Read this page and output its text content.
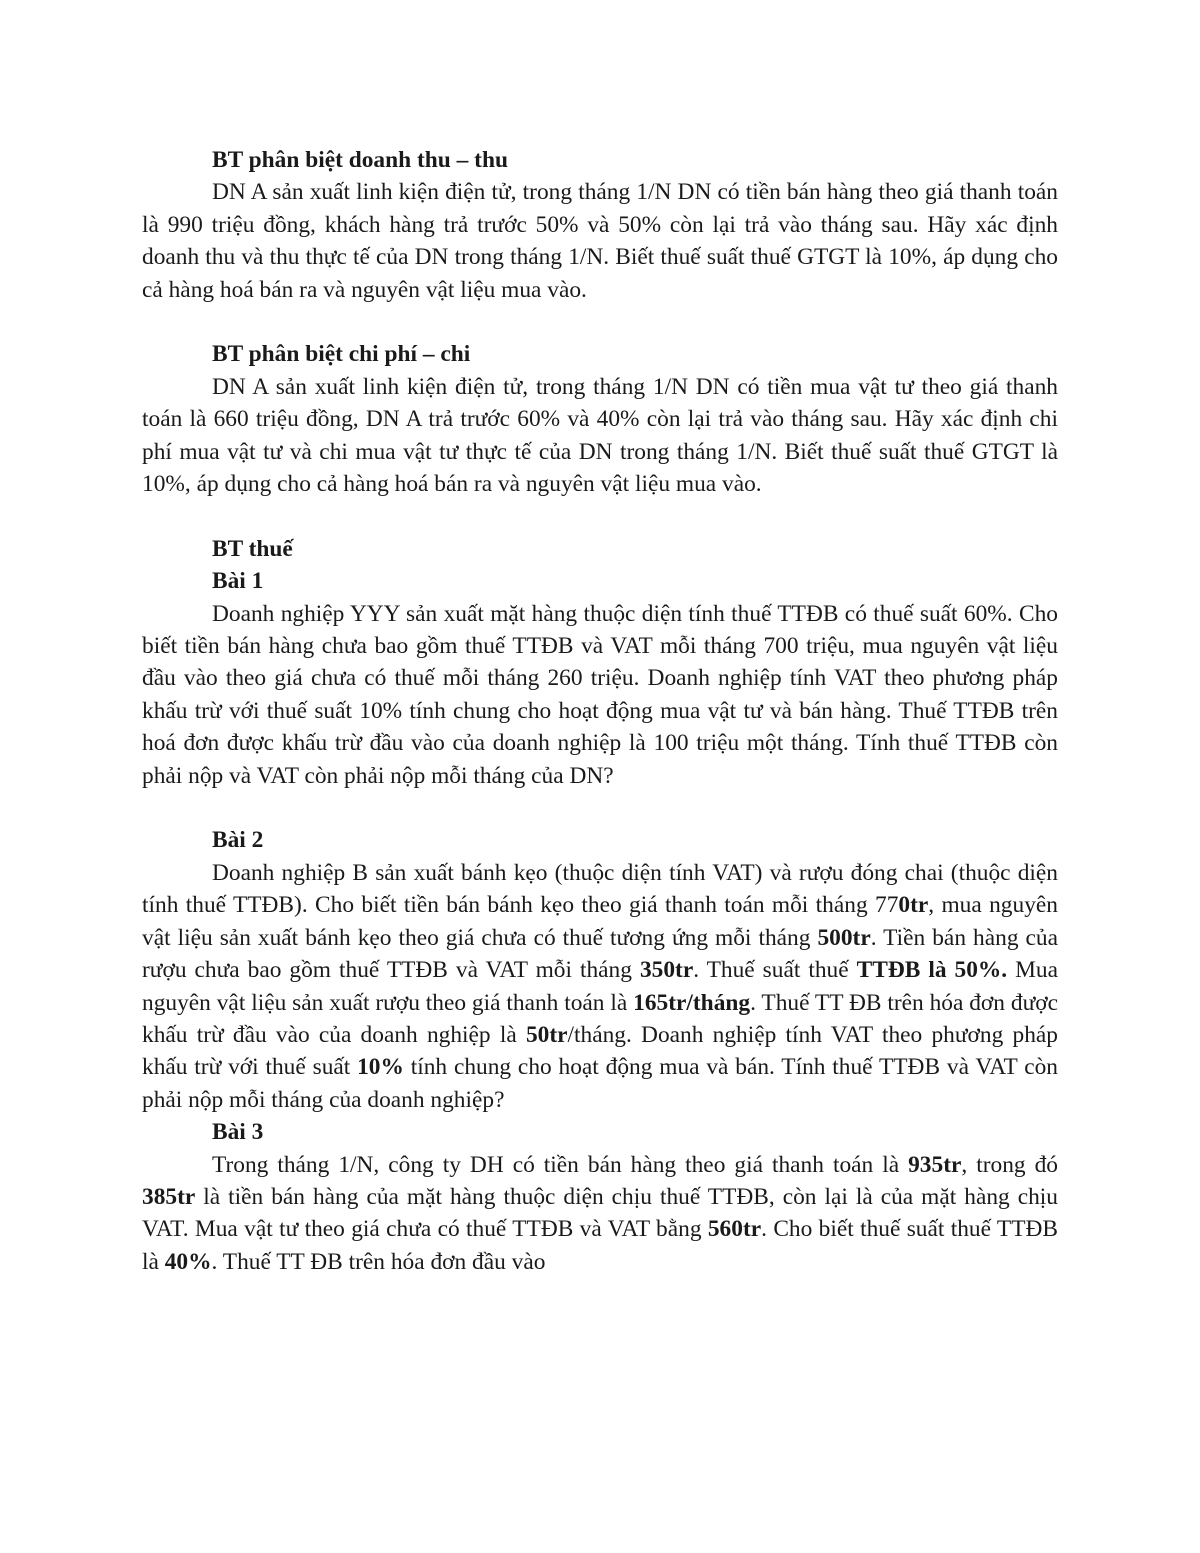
BT phân biệt doanh thu – thu
DN A sản xuất linh kiện điện tử, trong tháng 1/N DN có tiền bán hàng theo giá thanh toán là 990 triệu đồng, khách hàng trả trước 50% và 50% còn lại trả vào tháng sau. Hãy xác định doanh thu và thu thực tế của DN trong tháng 1/N. Biết thuế suất thuế GTGT là 10%, áp dụng cho cả hàng hoá bán ra và nguyên vật liệu mua vào.
BT phân biệt chi phí – chi
DN A sản xuất linh kiện điện tử, trong tháng 1/N DN có tiền mua vật tư theo giá thanh toán là 660 triệu đồng, DN A trả trước 60% và 40% còn lại trả vào tháng sau. Hãy xác định chi phí mua vật tư và chi mua vật tư thực tế của DN trong tháng 1/N. Biết thuế suất thuế GTGT là 10%, áp dụng cho cả hàng hoá bán ra và nguyên vật liệu mua vào.
BT thuế
Bài 1
Doanh nghiệp YYY sản xuất mặt hàng thuộc diện tính thuế TTĐB có thuế suất 60%. Cho biết tiền bán hàng chưa bao gồm thuế TTĐB và VAT mỗi tháng 700 triệu, mua nguyên vật liệu đầu vào theo giá chưa có thuế mỗi tháng 260 triệu. Doanh nghiệp tính VAT theo phương pháp khấu trừ với thuế suất 10% tính chung cho hoạt động mua vật tư và bán hàng. Thuế TTĐB trên hoá đơn được khấu trừ đầu vào của doanh nghiệp là 100 triệu một tháng. Tính thuế TTĐB còn phải nộp và VAT còn phải nộp mỗi tháng của DN?
Bài 2
Doanh nghiệp B sản xuất bánh kẹo (thuộc diện tính VAT) và rượu đóng chai (thuộc diện tính thuế TTĐB). Cho biết tiền bán bánh kẹo theo giá thanh toán mỗi tháng 770tr, mua nguyên vật liệu sản xuất bánh kẹo theo giá chưa có thuế tương ứng mỗi tháng 500tr. Tiền bán hàng của rượu chưa bao gồm thuế TTĐB và VAT mỗi tháng 350tr. Thuế suất thuế TTĐB là 50%. Mua nguyên vật liệu sản xuất rượu theo giá thanh toán là 165tr/tháng. Thuế TT ĐB trên hóa đơn được khấu trừ đầu vào của doanh nghiệp là 50tr/tháng. Doanh nghiệp tính VAT theo phương pháp khấu trừ với thuế suất 10% tính chung cho hoạt động mua và bán. Tính thuế TTĐB và VAT còn phải nộp mỗi tháng của doanh nghiệp?
Bài 3
Trong tháng 1/N, công ty DH có tiền bán hàng theo giá thanh toán là 935tr, trong đó 385tr là tiền bán hàng của mặt hàng thuộc diện chịu thuế TTĐB, còn lại là của mặt hàng chịu VAT. Mua vật tư theo giá chưa có thuế TTĐB và VAT bằng 560tr. Cho biết thuế suất thuế TTĐB là 40%. Thuế TT ĐB trên hóa đơn đầu vào
